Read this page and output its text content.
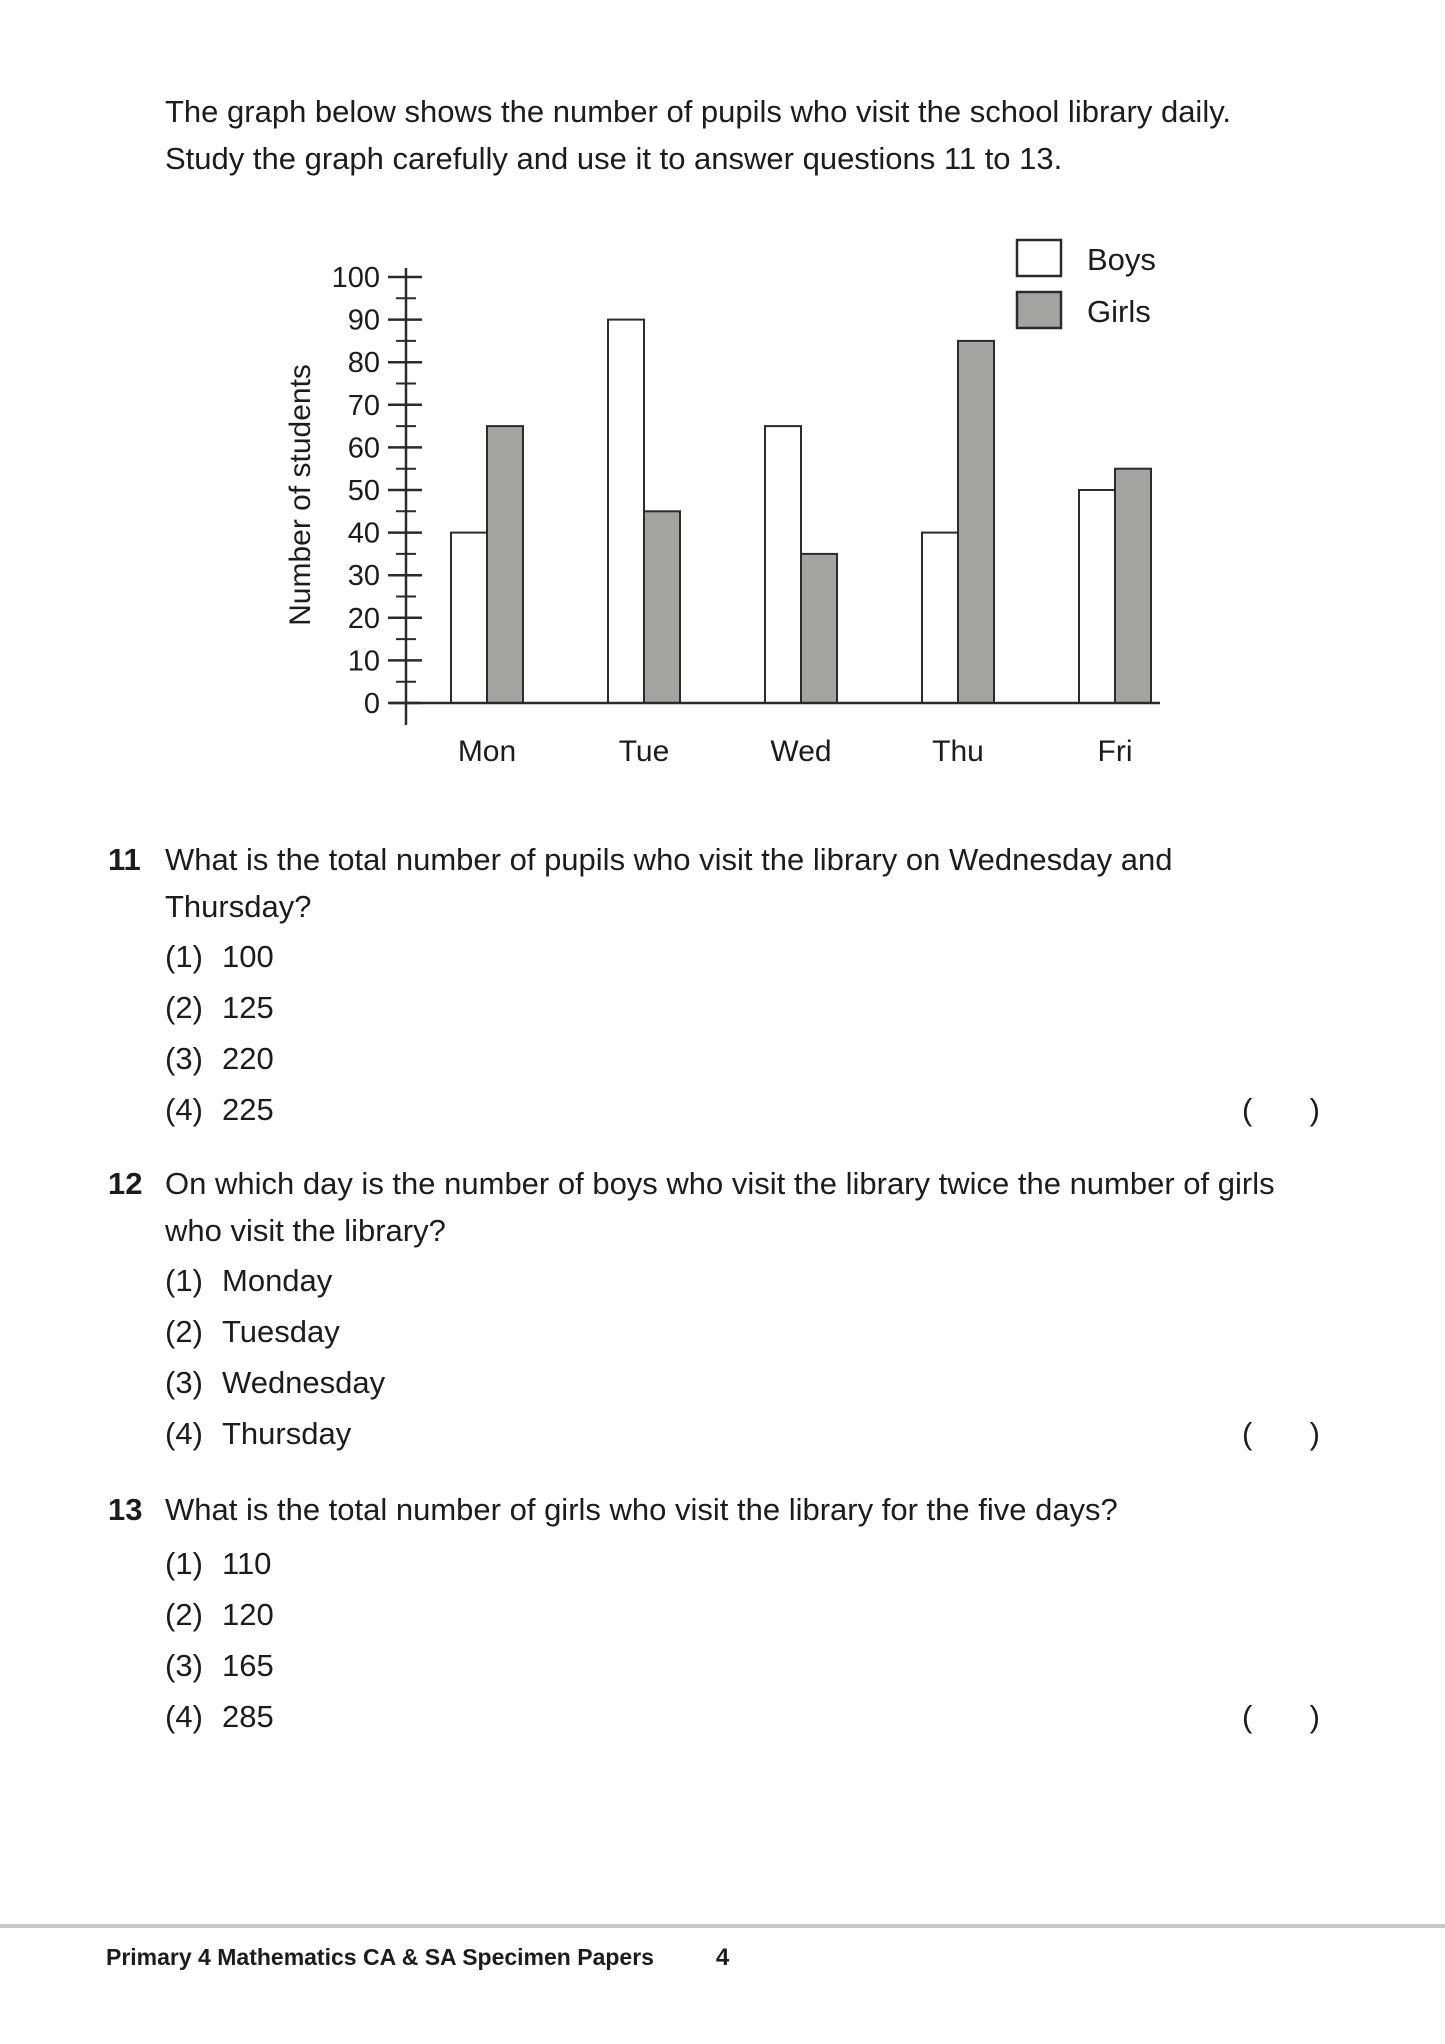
The graph below shows the number of pupils who visit the school library daily.
Study the graph carefully and use it to answer questions 11 to 13.
Mon	Tue	Wed	Thu	Fri
0
10
20
30
40
50
60
70
80
90
100
Number of students
Boys
Girls
11 What is the total number of pupils who visit the library on Wednesday and
Thursday?
(1) 100
(2) 125
(3) 220
(4) 225	( )
12 On which day is the number of boys who visit the library twice the number of girls
who visit the library?
(1) Monday
(2) Tuesday
(3) Wednesday
(4) Thursday	( )
13 What is the total number of girls who visit the library for the five days?
(1) 110
(2) 120
(3) 165
(4) 285	( )
Primary 4 Mathematics CA & SA Specimen Papers	4
